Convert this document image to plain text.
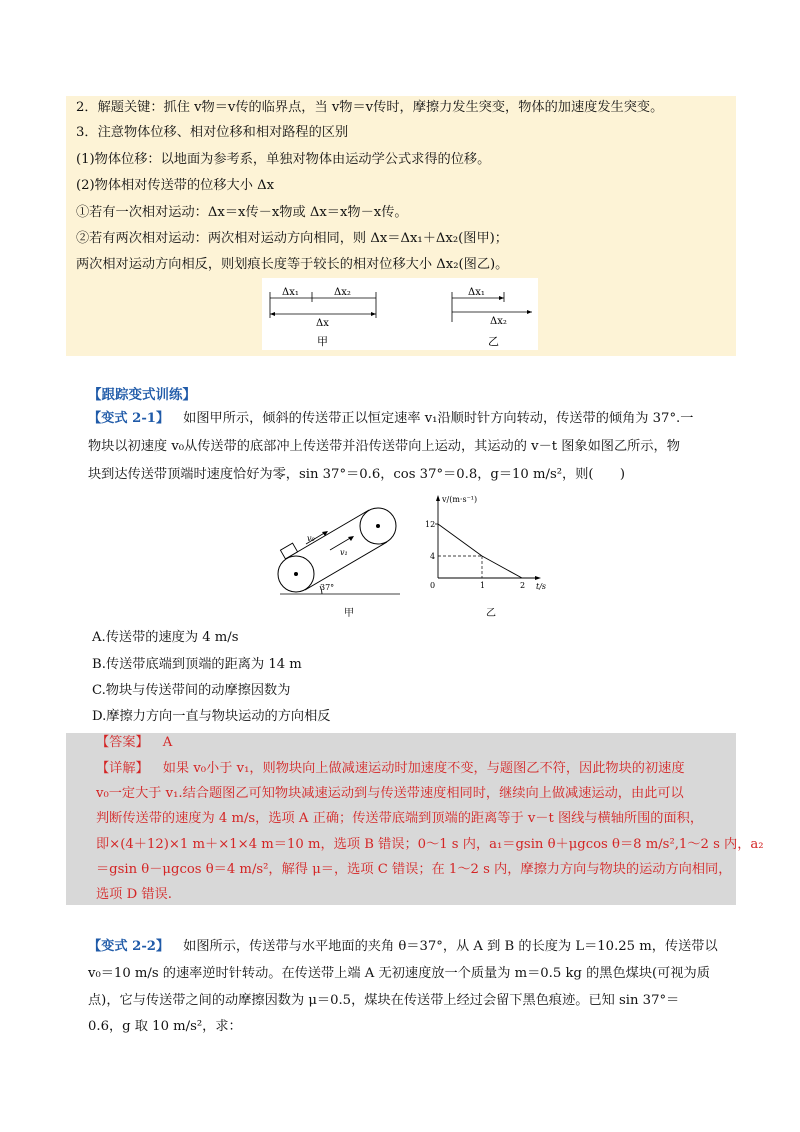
2．解题关键：抓住 v物＝v传的临界点，当 v物＝v传时，摩擦力发生突变，物体的加速度发生突变。
3．注意物体位移、相对位移和相对路程的区别
(1)物体位移：以地面为参考系，单独对物体由运动学公式求得的位移。
(2)物体相对传送带的位移大小 Δx
①若有一次相对运动：Δx＝x传－x物或 Δx＝x物－x传。
②若有两次相对运动：两次相对运动方向相同，则 Δx＝Δx₁＋Δx₂(图甲)；
两次相对运动方向相反，则划痕长度等于较长的相对位移大小 Δx₂(图乙)。
Δx₁	Δx₂
Δx
甲
Δx₁
Δx₂
乙
【跟踪变式训练】
【变式 2-1】 如图甲所示，倾斜的传送带正以恒定速率 v₁沿顺时针方向转动，传送带的倾角为 37°.一
物块以初速度 v₀从传送带的底部冲上传送带并沿传送带向上运动，其运动的 v－t 图象如图乙所示，物
块到达传送带顶端时速度恰好为零，sin 37°＝0.6，cos 37°＝0.8，g＝10 m/s²，则(　　)
v₀
v₁
37°
甲
v/(m·s⁻¹)
t/s
12
4
0	1	2
乙
A.传送带的速度为 4 m/s
B.传送带底端到顶端的距离为 14 m
C.物块与传送带间的动摩擦因数为
D.摩擦力方向一直与物块运动的方向相反
【答案】 A
【详解】 如果 v₀小于 v₁，则物块向上做减速运动时加速度不变，与题图乙不符，因此物块的初速度
v₀一定大于 v₁.结合题图乙可知物块减速运动到与传送带速度相同时，继续向上做减速运动，由此可以
判断传送带的速度为 4 m/s，选项 A 正确；传送带底端到顶端的距离等于 v－t 图线与横轴所围的面积，
即×(4＋12)×1 m＋×1×4 m＝10 m，选项 B 错误；0～1 s 内，a₁＝gsin θ＋μgcos θ＝8 m/s²,1～2 s 内，a₂
＝gsin θ－μgcos θ＝4 m/s²，解得 μ＝，选项 C 错误；在 1～2 s 内，摩擦力方向与物块的运动方向相同，
选项 D 错误.
【变式 2-2】 如图所示，传送带与水平地面的夹角 θ＝37°，从 A 到 B 的长度为 L＝10.25 m，传送带以
v₀＝10 m/s 的速率逆时针转动。在传送带上端 A 无初速度放一个质量为 m＝0.5 kg 的黑色煤块(可视为质
点)，它与传送带之间的动摩擦因数为 μ＝0.5，煤块在传送带上经过会留下黑色痕迹。已知 sin 37°＝
0.6，g 取 10 m/s²，求：
